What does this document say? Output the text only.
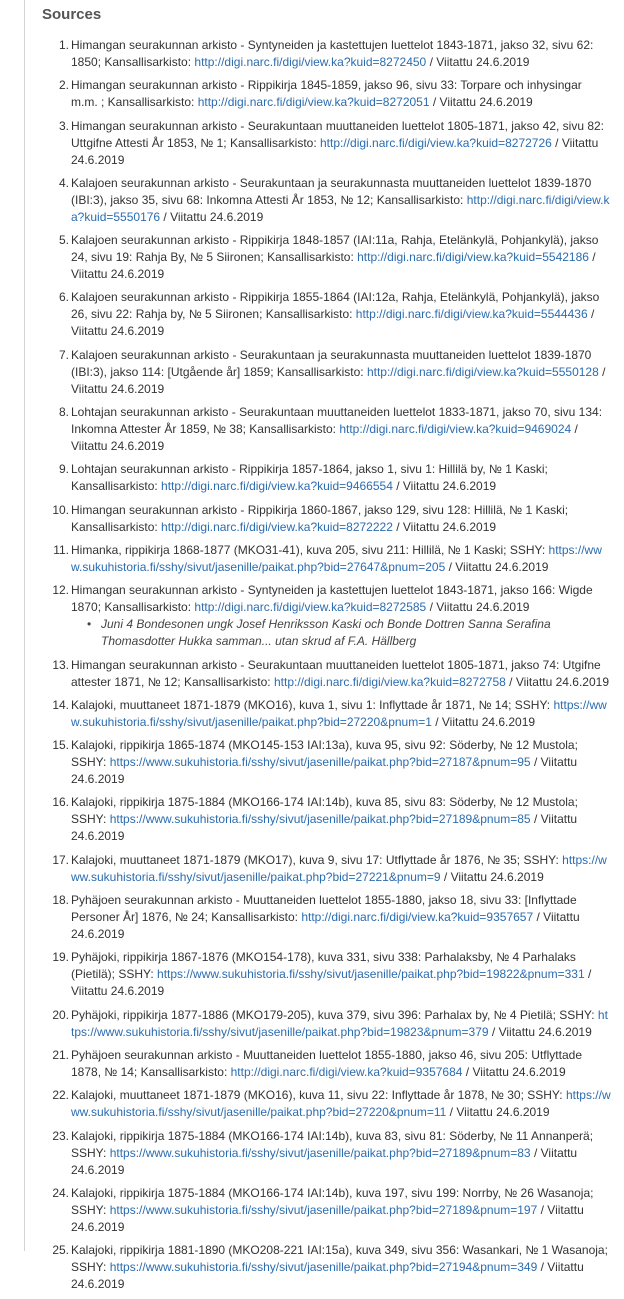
Sources
1. Himangan seurakunnan arkisto - Syntyneiden ja kastettujen luettelot 1843-1871, jakso 32, sivu 62: 1850; Kansallisarkisto: http://digi.narc.fi/digi/view.ka?kuid=8272450 / Viitattu 24.6.2019
2. Himangan seurakunnan arkisto - Rippikirja 1845-1859, jakso 96, sivu 33: Torpare och inhysingar m.m. ; Kansallisarkisto: http://digi.narc.fi/digi/view.ka?kuid=8272051 / Viitattu 24.6.2019
3. Himangan seurakunnan arkisto - Seurakuntaan muuttaneiden luettelot 1805-1871, jakso 42, sivu 82: Uttgifne Attesti År 1853, № 1; Kansallisarkisto: http://digi.narc.fi/digi/view.ka?kuid=8272726 / Viitattu 24.6.2019
4. Kalajoen seurakunnan arkisto - Seurakuntaan ja seurakunnasta muuttaneiden luettelot 1839-1870 (IBI:3), jakso 35, sivu 68: Inkomna Attesti År 1853, № 12; Kansallisarkisto: http://digi.narc.fi/digi/view.ka?kuid=5550176 / Viitattu 24.6.2019
5. Kalajoen seurakunnan arkisto - Rippikirja 1848-1857 (IAI:11a, Rahja, Etelänkylä, Pohjankylä), jakso 24, sivu 19: Rahja By, № 5 Siironen; Kansallisarkisto: http://digi.narc.fi/digi/view.ka?kuid=5542186 / Viitattu 24.6.2019
6. Kalajoen seurakunnan arkisto - Rippikirja 1855-1864 (IAI:12a, Rahja, Etelänkylä, Pohjankylä), jakso 26, sivu 22: Rahja by, № 5 Siironen; Kansallisarkisto: http://digi.narc.fi/digi/view.ka?kuid=5544436 / Viitattu 24.6.2019
7. Kalajoen seurakunnan arkisto - Seurakuntaan ja seurakunnasta muuttaneiden luettelot 1839-1870 (IBI:3), jakso 114: [Utgående år] 1859; Kansallisarkisto: http://digi.narc.fi/digi/view.ka?kuid=5550128 / Viitattu 24.6.2019
8. Lohtajan seurakunnan arkisto - Seurakuntaan muuttaneiden luettelot 1833-1871, jakso 70, sivu 134: Inkomna Attester År 1859, № 38; Kansallisarkisto: http://digi.narc.fi/digi/view.ka?kuid=9469024 / Viitattu 24.6.2019
9. Lohtajan seurakunnan arkisto - Rippikirja 1857-1864, jakso 1, sivu 1: Hillilä by, № 1 Kaski; Kansallisarkisto: http://digi.narc.fi/digi/view.ka?kuid=9466554 / Viitattu 24.6.2019
10. Himangan seurakunnan arkisto - Rippikirja 1860-1867, jakso 129, sivu 128: Hillilä, № 1 Kaski; Kansallisarkisto: http://digi.narc.fi/digi/view.ka?kuid=8272222 / Viitattu 24.6.2019
11. Himanka, rippikirja 1868-1877 (MKO31-41), kuva 205, sivu 211: Hillilä, № 1 Kaski; SSHY: https://www.sukuhistoria.fi/sshy/sivut/jasenille/paikat.php?bid=27647&pnum=205 / Viitattu 24.6.2019
12. Himangan seurakunnan arkisto - Syntyneiden ja kastettujen luettelot 1843-1871, jakso 166: Wigde 1870; Kansallisarkisto: http://digi.narc.fi/digi/view.ka?kuid=8272585 / Viitattu 24.6.2019
• Juni 4 Bondesonen ungk Josef Henriksson Kaski och Bonde Dottren Sanna Serafina Thomasdotter Hukka samman... utan skrud af F.A. Hällberg
13. Himangan seurakunnan arkisto - Seurakuntaan muuttaneiden luettelot 1805-1871, jakso 74: Utgifne attester 1871, № 12; Kansallisarkisto: http://digi.narc.fi/digi/view.ka?kuid=8272758 / Viitattu 24.6.2019
14. Kalajoki, muuttaneet 1871-1879 (MKO16), kuva 1, sivu 1: Inflyttade år 1871, № 14; SSHY: https://www.sukuhistoria.fi/sshy/sivut/jasenille/paikat.php?bid=27220&pnum=1 / Viitattu 24.6.2019
15. Kalajoki, rippikirja 1865-1874 (MKO145-153 IAI:13a), kuva 95, sivu 92: Söderby, № 12 Mustola; SSHY: https://www.sukuhistoria.fi/sshy/sivut/jasenille/paikat.php?bid=27187&pnum=95 / Viitattu 24.6.2019
16. Kalajoki, rippikirja 1875-1884 (MKO166-174 IAI:14b), kuva 85, sivu 83: Söderby, № 12 Mustola; SSHY: https://www.sukuhistoria.fi/sshy/sivut/jasenille/paikat.php?bid=27189&pnum=85 / Viitattu 24.6.2019
17. Kalajoki, muuttaneet 1871-1879 (MKO17), kuva 9, sivu 17: Utflyttade år 1876, № 35; SSHY: https://www.sukuhistoria.fi/sshy/sivut/jasenille/paikat.php?bid=27221&pnum=9 / Viitattu 24.6.2019
18. Pyhäjoen seurakunnan arkisto - Muuttaneiden luettelot 1855-1880, jakso 18, sivu 33: [Inflyttade Personer År] 1876, № 24; Kansallisarkisto: http://digi.narc.fi/digi/view.ka?kuid=9357657 / Viitattu 24.6.2019
19. Pyhäjoki, rippikirja 1867-1876 (MKO154-178), kuva 331, sivu 338: Parhalaksby, № 4 Parhalaks (Pietilä); SSHY: https://www.sukuhistoria.fi/sshy/sivut/jasenille/paikat.php?bid=19822&pnum=331 / Viitattu 24.6.2019
20. Pyhäjoki, rippikirja 1877-1886 (MKO179-205), kuva 379, sivu 396: Parhalax by, № 4 Pietilä; SSHY: https://www.sukuhistoria.fi/sshy/sivut/jasenille/paikat.php?bid=19823&pnum=379 / Viitattu 24.6.2019
21. Pyhäjoen seurakunnan arkisto - Muuttaneiden luettelot 1855-1880, jakso 46, sivu 205: Utflyttade 1878, № 14; Kansallisarkisto: http://digi.narc.fi/digi/view.ka?kuid=9357684 / Viitattu 24.6.2019
22. Kalajoki, muuttaneet 1871-1879 (MKO16), kuva 11, sivu 22: Inflyttade år 1878, № 30; SSHY: https://www.sukuhistoria.fi/sshy/sivut/jasenille/paikat.php?bid=27220&pnum=11 / Viitattu 24.6.2019
23. Kalajoki, rippikirja 1875-1884 (MKO166-174 IAI:14b), kuva 83, sivu 81: Söderby, № 11 Annanperä; SSHY: https://www.sukuhistoria.fi/sshy/sivut/jasenille/paikat.php?bid=27189&pnum=83 / Viitattu 24.6.2019
24. Kalajoki, rippikirja 1875-1884 (MKO166-174 IAI:14b), kuva 197, sivu 199: Norrby, № 26 Wasanoja; SSHY: https://www.sukuhistoria.fi/sshy/sivut/jasenille/paikat.php?bid=27189&pnum=197 / Viitattu 24.6.2019
25. Kalajoki, rippikirja 1881-1890 (MKO208-221 IAI:15a), kuva 349, sivu 356: Wasankari, № 1 Wasanoja; SSHY: https://www.sukuhistoria.fi/sshy/sivut/jasenille/paikat.php?bid=27194&pnum=349 / Viitattu 24.6.2019
